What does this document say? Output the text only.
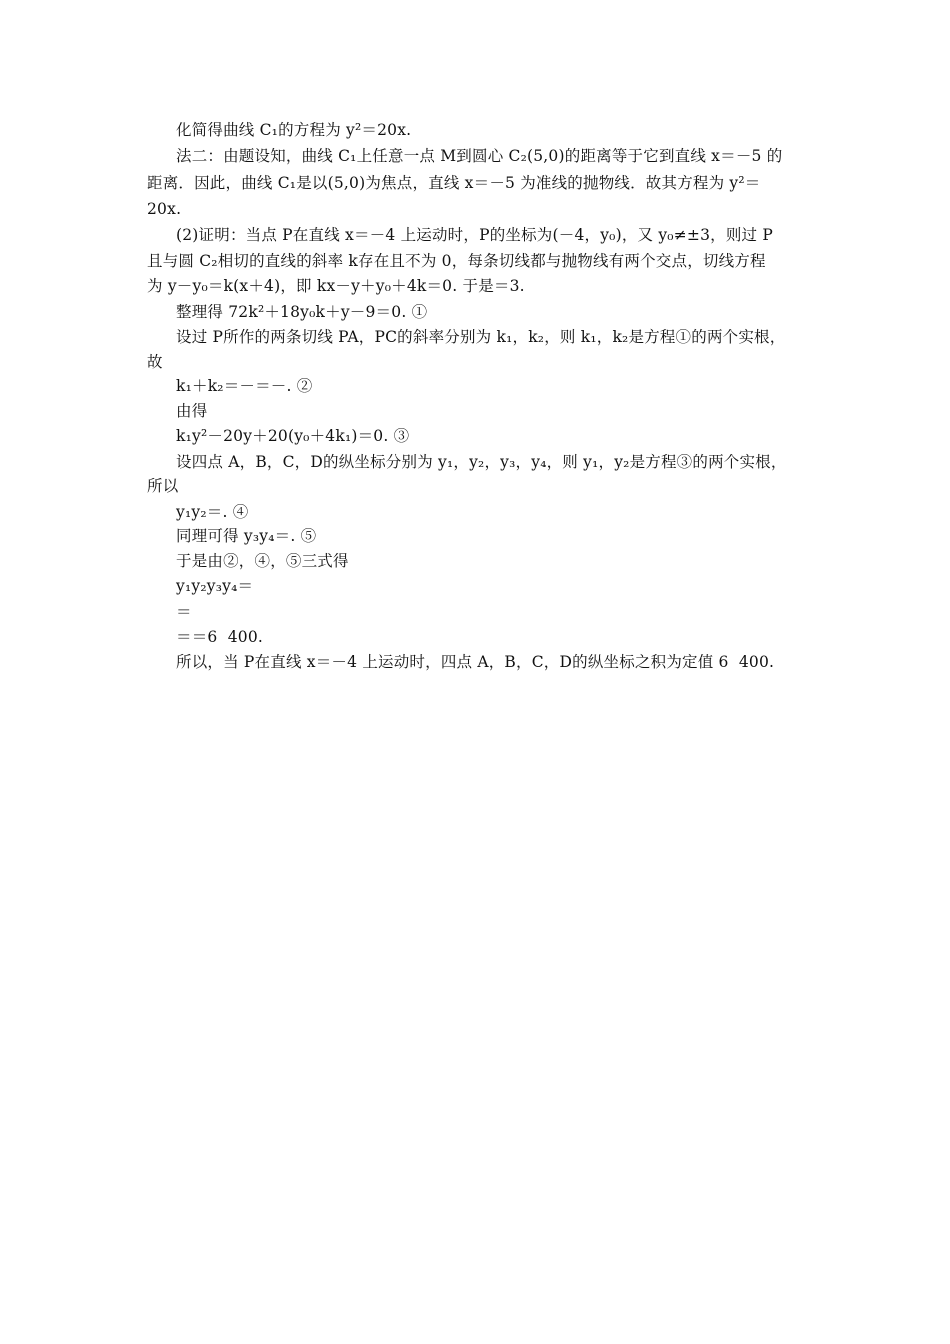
化简得曲线 C₁的方程为 y²＝20x.
法二：由题设知，曲线 C₁上任意一点 M到圆心 C₂(5,0)的距离等于它到直线 x＝－5 的
距离．因此，曲线 C₁是以(5,0)为焦点，直线 x＝－5 为准线的抛物线．故其方程为 y²＝
20x.
(2)证明：当点 P在直线 x＝－4 上运动时，P的坐标为(－4，y₀)，又 y₀≠±3，则过 P
且与圆 C₂相切的直线的斜率 k存在且不为 0，每条切线都与抛物线有两个交点，切线方程
为 y－y₀＝k(x＋4)，即 kx－y＋y₀＋4k＝0. 于是＝3.
整理得 72k²＋18y₀k＋y－9＝0. ①
设过 P所作的两条切线 PA，PC的斜率分别为 k₁，k₂，则 k₁，k₂是方程①的两个实根，
故
k₁＋k₂＝－＝－. ②
由得
k₁y²－20y＋20(y₀＋4k₁)＝0. ③
设四点 A，B，C，D的纵坐标分别为 y₁，y₂，y₃，y₄，则 y₁，y₂是方程③的两个实根，
所以
y₁y₂＝. ④
同理可得 y₃y₄＝. ⑤
于是由②，④，⑤三式得
y₁y₂y₃y₄＝
＝
＝＝6  400.
所以，当 P在直线 x＝－4 上运动时，四点 A，B，C，D的纵坐标之积为定值 6  400.
